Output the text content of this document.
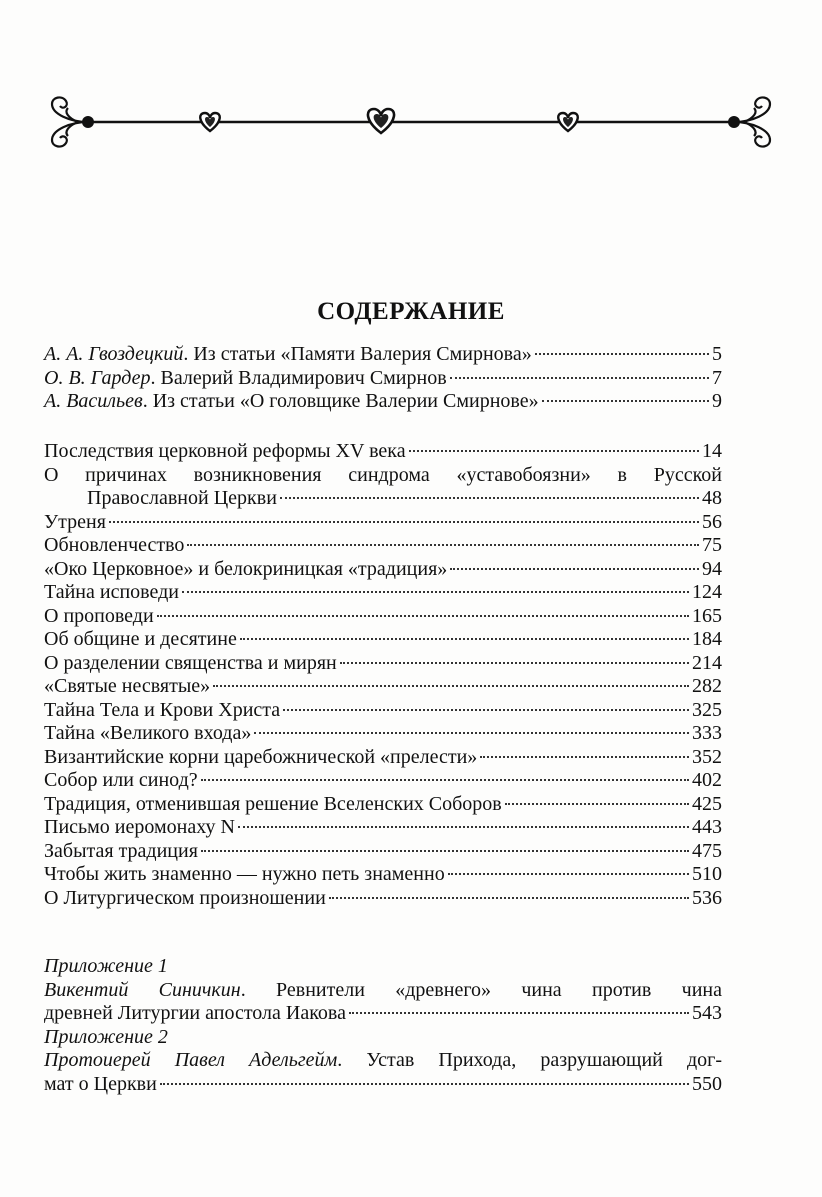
СОДЕРЖАНИЕ
А. А. Гвоздецкий. Из статьи «Памяти Валерия Смирнова»	5
О. В. Гардер. Валерий Владимирович Смирнов	7
А. Васильев. Из статьи «О головщике Валерии Смирнове»	9
Последствия церковной реформы XV века	14
О причинах возникновения синдрома «уставобоязни» в Русской
Православной Церкви	48
Утреня	56
Обновленчество	75
«Око Церковное» и белокриницкая «традиция»	94
Тайна исповеди	124
О проповеди	165
Об общине и десятине	184
О разделении священства и мирян	214
«Святые несвятые»	282
Тайна Тела и Крови Христа	325
Тайна «Великого входа»	333
Византийские корни царебожнической «прелести»	352
Собор или синод?	402
Традиция, отменившая решение Вселенских Соборов	425
Письмо иеромонаху N	443
Забытая традиция	475
Чтобы жить знаменно — нужно петь знаменно	510
О Литургическом произношении	536
Приложение 1
Викентий Синичкин. Ревнители «древнего» чина против чина
древней Литургии апостола Иакова	543
Приложение 2
Протоиерей Павел Адельгейм. Устав Прихода, разрушающий дог-
мат о Церкви	550
